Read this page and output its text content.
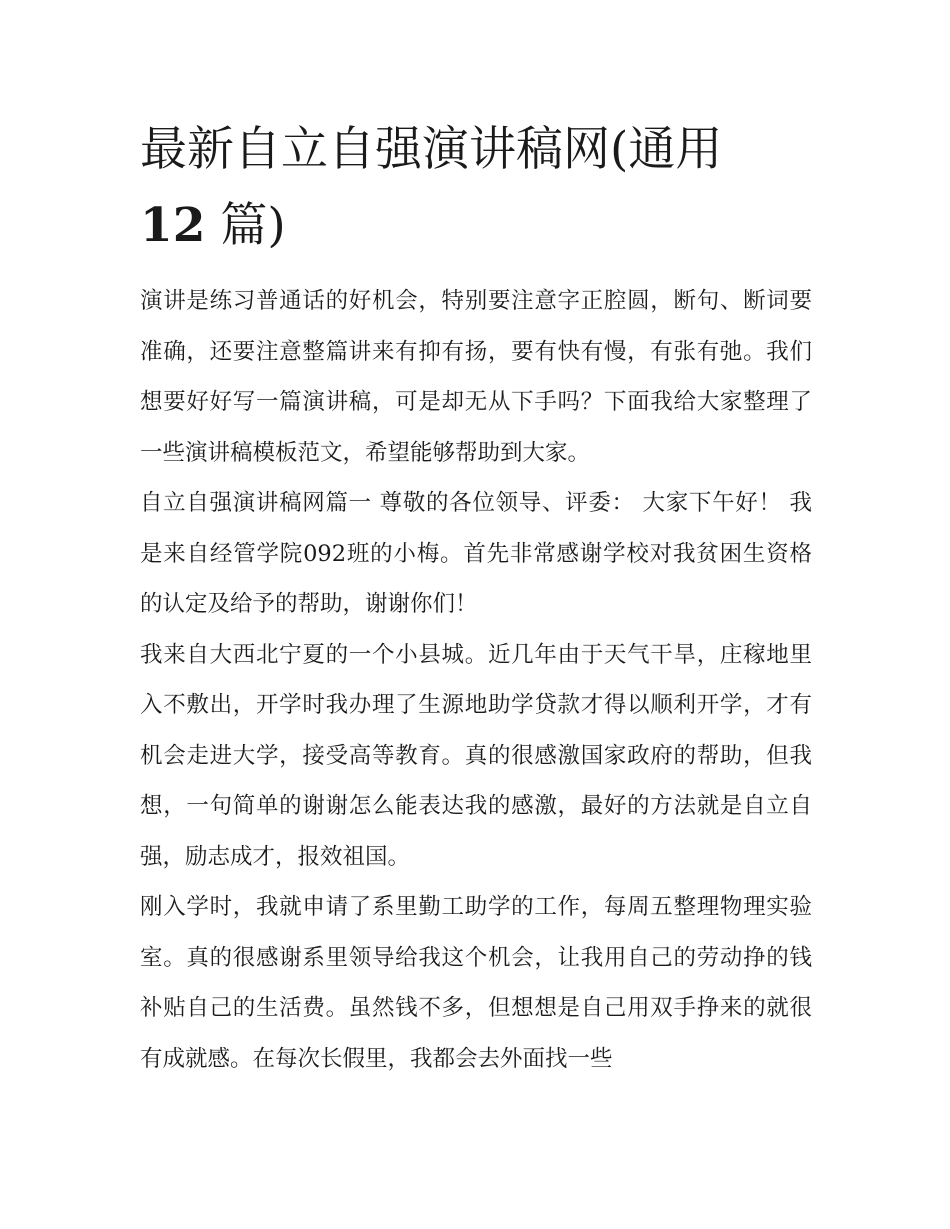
最新自立自强演讲稿网(通用
12 篇)

演讲是练习普通话的好机会，特别要注意字正腔圆，断句、断词要准确，还要注意整篇讲来有抑有扬，要有快有慢，有张有弛。我们想要好好写一篇演讲稿，可是却无从下手吗？下面我给大家整理了一些演讲稿模板范文，希望能够帮助到大家。

自立自强演讲稿网篇一 尊敬的各位领导、评委： 大家下午好！ 我是来自经管学院092班的小梅。首先非常感谢学校对我贫困生资格的认定及给予的帮助，谢谢你们！

我来自大西北宁夏的一个小县城。近几年由于天气干旱，庄稼地里入不敷出，开学时我办理了生源地助学贷款才得以顺利开学，才有机会走进大学，接受高等教育。真的很感激国家政府的帮助，但我想，一句简单的谢谢怎么能表达我的感激，最好的方法就是自立自强，励志成才，报效祖国。

刚入学时，我就申请了系里勤工助学的工作，每周五整理物理实验室。真的很感谢系里领导给我这个机会，让我用自己的劳动挣的钱补贴自己的生活费。虽然钱不多，但想想是自己用双手挣来的就很有成就感。在每次长假里，我都会去外面找一些
